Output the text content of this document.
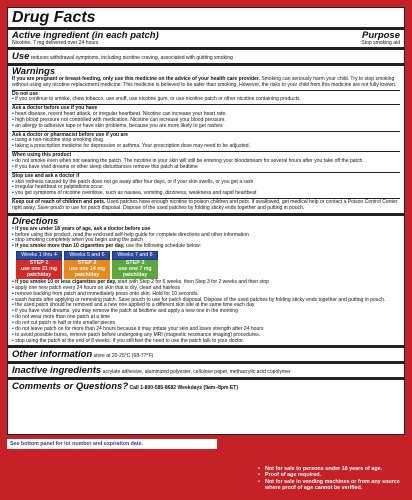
Drug Facts
Active ingredient (in each patch)	Purpose
Nicotine, 7 mg delivered over 24 hours	Stop smoking aid
Use reduces withdrawal symptoms, including nicotine craving, associated with quitting smoking
Warnings
If you are pregnant or breast-feeding, only use this medicine on the advice of your health care provider. Smoking can seriously harm your child. Try to stop smoking without using any nicotine replacement medicine. This medicine is believed to be safer than smoking. However, the risks to your child from this medicine are not fully known.
Do not use
• if you continue to smoke, chew tobacco, use snuff, use nicotine gum, or use nicotine patch or other nicotine containing products.
Ask a doctor before use if you have
• heart disease, recent heart attack, or irregular heartbeat. Nicotine can increase your heart rate.
• high blood pressure not controlled with medication. Nicotine can increase your blood pressure.
• an allergy to adhesive tape or have skin problems, because you are more likely to get rashes
Ask a doctor or pharmacist before use if you are
• using a non-nicotine stop smoking drug
• taking a prescription medicine for depression or asthma. Your prescription dose may need to be adjusted.
When using this product
• do not smoke even when not wearing the patch. The nicotine in your skin will still be entering your bloodstream for several hours after you take off the patch.
• if you have vivid dreams or other sleep disturbances remove this patch at bedtime
Stop use and ask a doctor if
• skin redness caused by the patch does not go away after four days, or if your skin swells, or you get a rash
• irregular heartbeat or palpitations occur
• you get symptoms of nicotine overdose, such as nausea, vomiting, dizziness, weakness and rapid heartbeat
Keep out of reach of children and pets. Used patches have enough nicotine to poison children and pets. If swallowed, get medical help or contact a Poison Control Center right away. Save pouch to use for patch disposal. Dispose of the used patches by folding sticky ends together and putting in pouch.
Directions
• if you are under 18 years of age, ask a doctor before use
• before using this product, read the enclosed self-help guide for complete directions and other information
• stop smoking completely when you begin using the patch
• if you smoke more than 10 cigarettes per day, use the following schedule below:
Weeks 1 thru 4
STEP 1
use one 21 mg
patch/day
Weeks 5 and 6
STEP 2
use one 14 mg
patch/day
Weeks 7 and 8
STEP 3
use one 7 mg
patch/day
• if you smoke 10 or less cigarettes per day, start with Step 2 for 6 weeks, then Step 3 for 2 weeks and then stop
• apply one new patch every 24 hours on skin that is dry, clean and hairless
• remove backing from patch and immediately press onto skin. Hold for 10 seconds.
• wash hands after applying or removing patch. Save pouch to use for patch disposal. Dispose of the used patches by folding sticky ends together and putting in pouch.
• the used patch should be removed and a new one applied to a different skin site at the same time each day
• if you have vivid dreams, you may remove the patch at bedtime and apply a new one in the morning
• do not wear more than one patch at a time
• do not cut patch in half or into smaller pieces
• do not leave patch on for more than 24 hours because it may irritate your skin and loses strength after 24 hours
• to avoid possible burns, remove patch before undergoing any MRI (magnetic resonance imaging) procedures.
• stop using the patch at the end of 8 weeks. If you still feel the need to use the patch talk to your doctor.
Other information store at 20-25°C (68-77°F)
Inactive ingredients acrylate adhesive, aluminized polyester, cellulose paper, methacrylic acid copolymer
Comments or Questions? Call 1-800-585-8682 Weekdays (9am–8pm ET)
See bottom panel for lot number and expiration date.
• Not for sale to persons under 18 years of age.
• Proof of age required.
• Not for sale in vending machines or from any source where proof of age cannot be verified.
